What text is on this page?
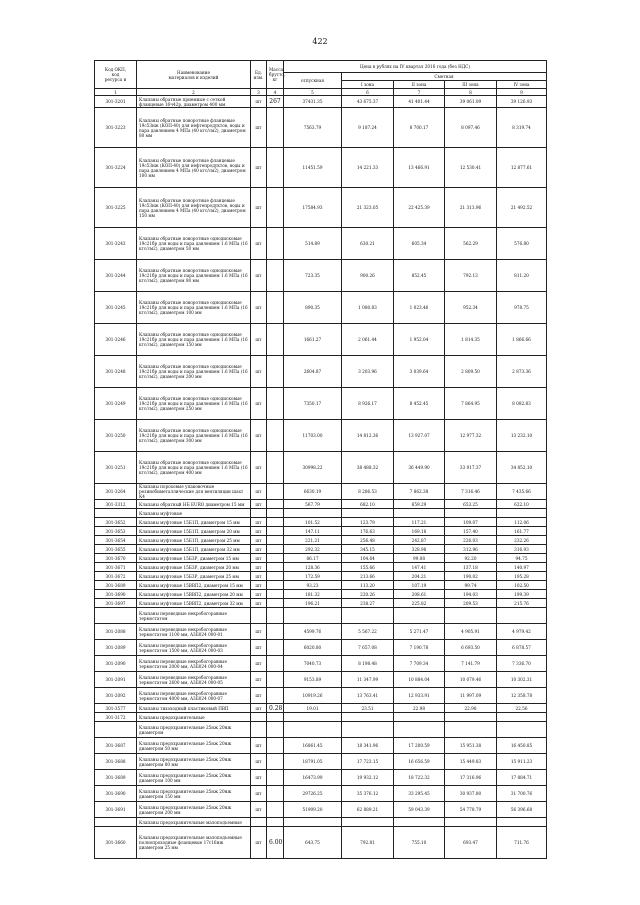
422
Код ОКП,
код
ресурса и	Наименование
материалов и изделий	Ед.
изм.	Масса
брутто,
кг	Цена в рублях на IV квартал 2016 года (без НДС)				
				отпускная	Сметная			
					I зона	II зона	III зона	IV зона
1	2	3	4	5	6	7	8	9
301-3201	Клапаны обратные приемные с сеткой фланцевые 16ч42р, диаметром 400 мм	шт	267	37431.35	43 675.37	41 401.44	39 061.09	39 126.93
301-3223	Клапаны обратные поворотные фланцевые 19с53нж (КОП-40) для нефтепродуктов, воды и пара давлением 4 МПа (40 кгс/см2), диаметром 80 мм	шт		7563.79	9 187.24	8 700.17	8 097.46	8 319.74
301-3224	Клапаны обратные поворотные фланцевые 19с53нж (КОП-40) для нефтепродуктов, воды и пара давлением 4 МПа (40 кгс/см2), диаметром 100 мм	шт		11451.59	14 221.33	13 466.91	12 530.41	12 877.61
301-3225	Клапаны обратные поворотные фланцевые 19с53нж (КОП-40) для нефтепродуктов, воды и пара давлением 4 МПа (40 кгс/см2), диаметром 150 мм	шт		17584.93	21 323.05	22 425.39	21 313.96	21 492.52
301-3243	Клапаны обратные поворотные однодисковые 19с21бр для воды и пара давлением 1.6 МПа (16 кгс/см2), диаметром 50 мм	шт		514.89	630.21	605.34	562.29	576.80
301-3244	Клапаны обратные поворотные однодисковые 19с21бр для воды и пара давлением 1.6 МПа (16 кгс/см2), диаметром 80 мм	шт		723.35	900.26	852.45	792.13	811.20
301-3245	Клапаны обратные поворотные однодисковые 19с21бр для воды и пара давлением 1.6 МПа (16 кгс/см2), диаметром 100 мм	шт		890.35	1 080.83	1 023.46	952.34	978.75
301-3246	Клапаны обратные поворотные однодисковые 19с21бр для воды и пара давлением 1.6 МПа (16 кгс/см2), диаметром 150 мм	шт		1661.27	2 061.44	1 952.04	1 814.35	1 866.66
301-3248	Клапаны обратные поворотные однодисковые 19с21бр для воды и пара давлением 1.6 МПа (16 кгс/см2), диаметром 200 мм	шт		2604.87	3 203.96	3 039.64	2 809.50	2 873.36
301-3249	Клапаны обратные поворотные однодисковые 19с21бр для воды и пара давлением 1.6 МПа (16 кгс/см2), диаметром 250 мм	шт		7350.17	8 926.17	8 452.45	7 864.95	8 082.83
301-3250	Клапаны обратные поворотные однодисковые 19с21бр для воды и пара давлением 1.6 МПа (16 кгс/см2), диаметром 300 мм	шт		11703.00	14 812.36	13 927.07	12 977.32	13 232.10
301-3251	Клапаны обратные поворотные однодисковые 19с21бр для воды и пара давлением 1.6 МПа (16 кгс/см2), диаметром 400 мм	шт		30998.22	38 488.32	36 449.90	33 917.37	34 852.10
301-3264	Клапаны пороховые упаковочные резинобиметаллические для вентиляции шахт К4	шт		6630.19	8 286.53	7 862.38	7 316.46	7 435.66
301-3312	Клапаны обратный НБ ЕURO диаметром 15 мм	шт		567.79	682.10	659.29	653.25	622.10
	Клапаны муфтовые							
301-3652	Клапаны муфтовые 15Б1П, диаметром 15 мм	шт		101.52	123.79	117.21	109.07	112.06
301-3653	Клапаны муфтовые 15Б1П, диаметром 20 мм	шт		147.11	176.63	169.18	157.40	161.77
301-3654	Клапаны муфтовые 15Б1П, диаметром 25 мм	шт		221.21	256.48	242.87	226.03	232.26
301-3655	Клапаны муфтовые 15Б1П, диаметром 32 мм	шт		292.32	345.15	328.98	312.96	316.93
301-3670	Клапаны муфтовые 15Б3Р, диаметром 15 мм	шт		86.17	104.64	99.08	92.20	94.75
301-3671	Клапаны муфтовые 15Б3Р, диаметром 20 мм	шт		128.36	155.66	147.41	137.18	140.97
301-3672	Клапаны муфтовые 15Б3Р, диаметром 25 мм	шт		172.59	213.66	204.21	190.02	195.28
301-3689	Клапаны муфтовые 15ВВП2, диаметром 15 мм	шт		93.23	113.20	107.19	99.74	102.50
301-3690	Клапаны муфтовые 15ВВП2, диаметром 20 мм	шт		181.32	220.26	208.61	194.03	199.39
301-3697	Клапаны муфтовые 15ВВП2, диаметром 32 мм	шт		196.21	238.27	225.82	209.53	215.76
	Клапаны переводные некробогоравные термостатом							
301-2088	Клапаны переводные некробогоравные термостатом 1100 мм, A3Б024 000-01	шт		4599.76	5 567.22	5 271.47	4 905.91	4 979.42
301-2089	Клапаны переводные некробогоравные термостатом 1500 мм, A3Б024 000-03	шт		6020.80	7 657.08	7 190.78	6 693.50	6 878.57
301-2090	Клапаны переводные некробогоравные термостатом 2000 мм, A3Б024 000-04	шт		7040.73	8 198.48	7 709.34	7 141.79	7 336.70
301-2091	Клапаны переводные некробогоравные термостатом 2600 мм, A3Б024 000-05	шт		9153.89	11 347.99	10 884.04	10 079.46	10 302.31
301-2092	Клапаны переводные некробогоравные термостатом 4000 мм, A3Б024 000-07	шт		10919.26	13 763.41	12 933.91	11 997.09	12 358.78
301-3577	Клапаны тихоходный пластиковый ПВП	шт	0.28	19.01	23.51	22.98	22.98	22.56
301-3172	Клапаны предохранительные							
	Клапаны предохранительные 25нж 20нж диаметром							
301-3687	Клапаны предохранительные 25нж 20нж диаметром 50 мм	шт		16861.45	18 341.96	17 200.59	15 951.38	16 450.85
301-3688	Клапаны предохранительные 25нж 20нж диаметром 80 мм	шт		18791.05	17 723.15	16 656.59	15 449.83	15 911.23
301-3689	Клапаны предохранительные 25нж 20нж диаметром 100 мм	шт		16473.99	19 932.12	18 722.32	17 316.96	17 884.71
301-3690	Клапаны предохранительные 25нж 20нж диаметром 150 мм	шт		29726.25	35 376.12	33 295.45	30 937.80	31 700.76
301-3691	Клапаны предохранительные 25нж 20нж диаметром 200 мм	шт		51909.20	62 889.21	59 043.39	54 778.79	56 396.68
	Клапаны предохранительные малоподъемные							
301-3660	Клапаны предохранительные малоподъемные полнопроходные фланцевые 17с16нж диаметром 25 мм	шт	6.00	643.75	792.81	755.10	693.47	711.76
